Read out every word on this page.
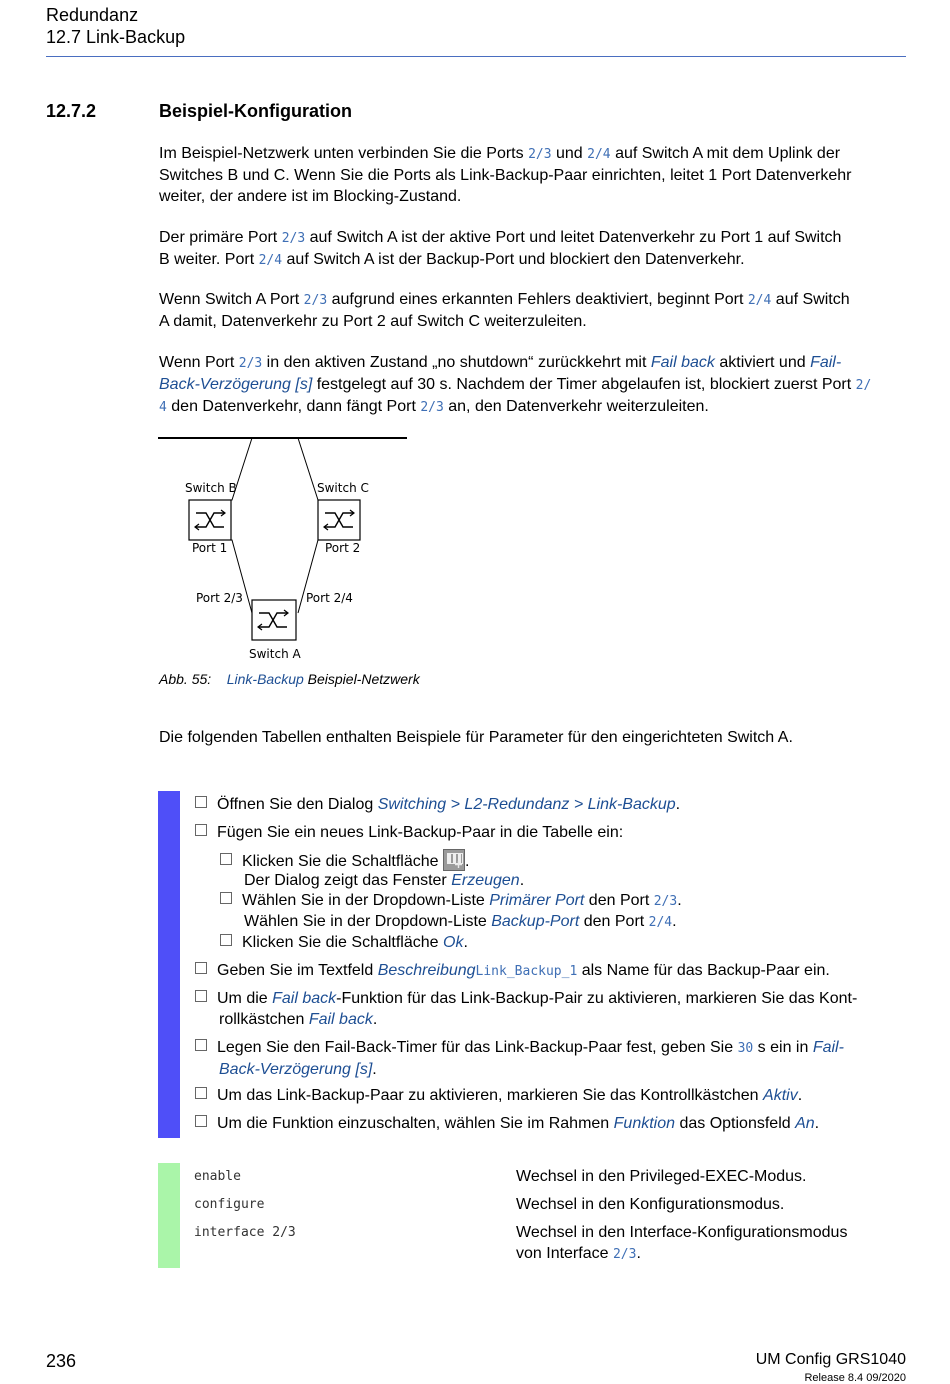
Redundanz
12.7 Link-Backup
12.7.2	Beispiel-Konfiguration
Im Beispiel-Netzwerk unten verbinden Sie die Ports 2/3 und 2/4 auf Switch A mit dem Uplink der
Switches B und C. Wenn Sie die Ports als Link-Backup-Paar einrichten, leitet 1 Port Datenverkehr
weiter, der andere ist im Blocking-Zustand.
Der primäre Port 2/3 auf Switch A ist der aktive Port und leitet Datenverkehr zu Port 1 auf Switch
B weiter. Port 2/4 auf Switch A ist der Backup-Port und blockiert den Datenverkehr.
Wenn Switch A Port 2/3 aufgrund eines erkannten Fehlers deaktiviert, beginnt Port 2/4 auf Switch
A damit, Datenverkehr zu Port 2 auf Switch C weiterzuleiten.
Wenn Port 2/3 in den aktiven Zustand „no shutdown“ zurückkehrt mit Fail back aktiviert und Fail-
Back-Verzögerung [s] festgelegt auf 30 s. Nachdem der Timer abgelaufen ist, blockiert zuerst Port 2/
4 den Datenverkehr, dann fängt Port 2/3 an, den Datenverkehr weiterzuleiten.
Switch B	Switch C
Port 1	Port 2
Port 2/3	Port 2/4
Switch A
Abb. 55: Link-Backup Beispiel-Netzwerk
Die folgenden Tabellen enthalten Beispiele für Parameter für den eingerichteten Switch A.
Öffnen Sie den Dialog Switching > L2-Redundanz > Link-Backup.
Fügen Sie ein neues Link-Backup-Paar in die Tabelle ein:
Klicken Sie die Schaltfläche .
Der Dialog zeigt das Fenster Erzeugen.
Wählen Sie in der Dropdown-Liste Primärer Port den Port 2/3.
Wählen Sie in der Dropdown-Liste Backup-Port den Port 2/4.
Klicken Sie die Schaltfläche Ok.
Geben Sie im Textfeld BeschreibungLink_Backup_1 als Name für das Backup-Paar ein.
Um die Fail back-Funktion für das Link-Backup-Pair zu aktivieren, markieren Sie das Kont-
rollkästchen Fail back.
Legen Sie den Fail-Back-Timer für das Link-Backup-Paar fest, geben Sie 30 s ein in Fail-
Back-Verzögerung [s].
Um das Link-Backup-Paar zu aktivieren, markieren Sie das Kontrollkästchen Aktiv.
Um die Funktion einzuschalten, wählen Sie im Rahmen Funktion das Optionsfeld An.
enable	Wechsel in den Privileged-EXEC-Modus.
configure	Wechsel in den Konfigurationsmodus.
interface 2/3	Wechsel in den Interface-Konfigurationsmodus
von Interface 2/3.
236	UM Config GRS1040
Release 8.4 09/2020
